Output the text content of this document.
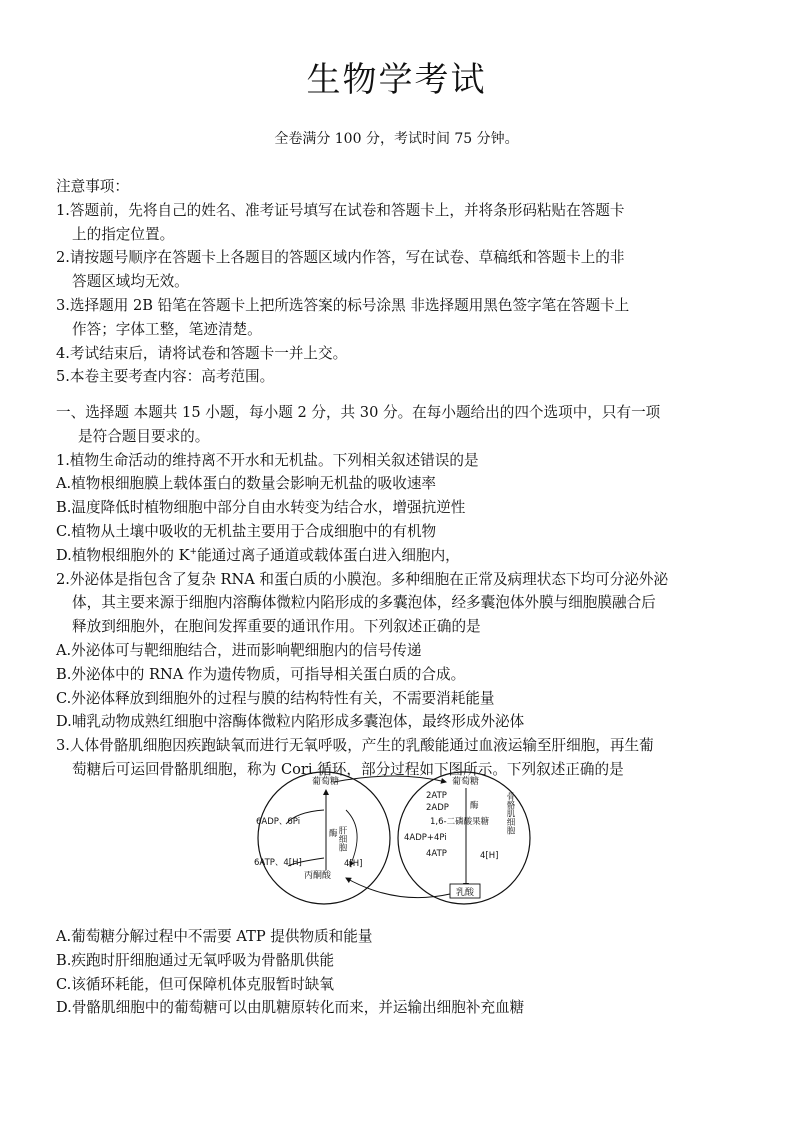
生物学考试
全卷满分 100 分，考试时间 75 分钟。
注意事项：
1.答题前，先将自己的姓名、准考证号填写在试卷和答题卡上，并将条形码粘贴在答题卡
上的指定位置。
2.请按题号顺序在答题卡上各题目的答题区域内作答，写在试卷、草稿纸和答题卡上的非
答题区域均无效。
3.选择题用 2B 铅笔在答题卡上把所选答案的标号涂黑 非选择题用黑色签字笔在答题卡上
作答；字体工整，笔迹清楚。
4.考试结束后，请将试卷和答题卡一并上交。
5.本卷主要考查内容：高考范围。
一、选择题 本题共 15 小题，每小题 2 分，共 30 分。在每小题给出的四个选项中，只有一项
是符合题目要求的。
1.植物生命活动的维持离不开水和无机盐。下列相关叙述错误的是
A.植物根细胞膜上载体蛋白的数量会影响无机盐的吸收速率
B.温度降低时植物细胞中部分自由水转变为结合水，增强抗逆性
C.植物从土壤中吸收的无机盐主要用于合成细胞中的有机物
D.植物根细胞外的 K+能通过离子通道或载体蛋白进入细胞内，
2.外泌体是指包含了复杂 RNA 和蛋白质的小膜泡。多种细胞在正常及病理状态下均可分泌外泌
体，其主要来源于细胞内溶酶体微粒内陷形成的多囊泡体，经多囊泡体外膜与细胞膜融合后
释放到细胞外，在胞间发挥重要的通讯作用。下列叙述正确的是
A.外泌体可与靶细胞结合，进而影响靶细胞内的信号传递
B.外泌体中的 RNA 作为遗传物质，可指导相关蛋白质的合成。
C.外泌体释放到细胞外的过程与膜的结构特性有关，不需要消耗能量
D.哺乳动物成熟红细胞中溶酶体微粒内陷形成多囊泡体，最终形成外泌体
3.人体骨骼肌细胞因疾跑缺氧而进行无氧呼吸，产生的乳酸能通过血液运输至肝细胞，再生葡
萄糖后可运回骨骼肌细胞，称为 Cori 循环，部分过程如下图所示。下列叙述正确的是
葡萄糖
6ADP、6Pi
酶
6ATP、4[H]
肝细胞
4[H]
丙酮酸
葡萄糖
2ATP
2ADP 酶
1,6-二磷酸果糖
4ADP+4Pi
4ATP	4[H]
骨骼肌细胞
乳酸
A.葡萄糖分解过程中不需要 ATP 提供物质和能量
B.疾跑时肝细胞通过无氧呼吸为骨骼肌供能
C.该循环耗能，但可保障机体克服暂时缺氧
D.骨骼肌细胞中的葡萄糖可以由肌糖原转化而来，并运输出细胞补充血糖
